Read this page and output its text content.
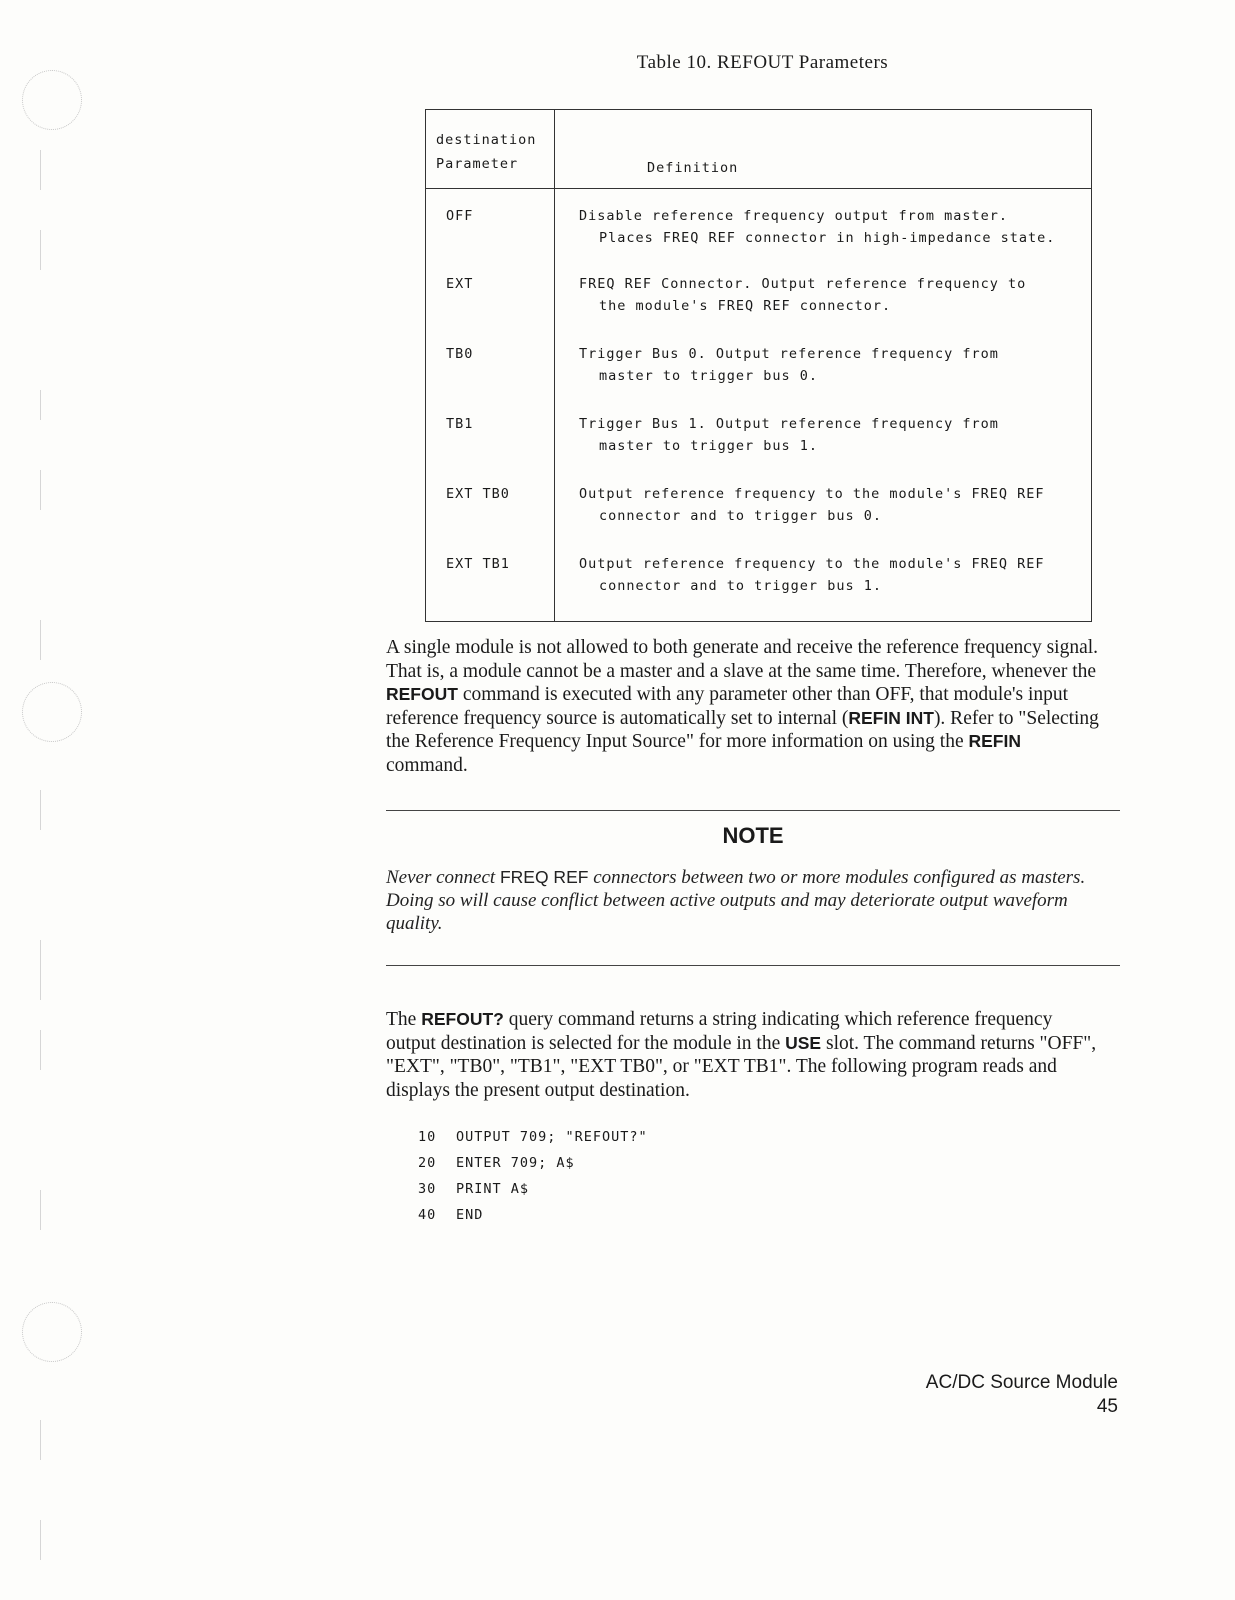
Table 10. REFOUT Parameters
destination
Parameter	Definition

OFF	Disable reference frequency output from master.
Places FREQ REF connector in high-impedance state.

EXT	FREQ REF Connector. Output reference frequency to
the module's FREQ REF connector.

TB0	Trigger Bus 0. Output reference frequency from
master to trigger bus 0.

TB1	Trigger Bus 1. Output reference frequency from
master to trigger bus 1.

EXT TB0	Output reference frequency to the module's FREQ REF
connector and to trigger bus 0.

EXT TB1	Output reference frequency to the module's FREQ REF
connector and to trigger bus 1.

A single module is not allowed to both generate and receive the reference frequency signal. That is, a module cannot be a master and a slave at the same time. Therefore, whenever the REFOUT command is executed with any parameter other than OFF, that module's input reference frequency source is automatically set to internal (REFIN INT). Refer to "Selecting the Reference Frequency Input Source" for more information on using the REFIN command.

NOTE

Never connect FREQ REF connectors between two or more modules configured as masters. Doing so will cause conflict between active outputs and may deteriorate output waveform quality.

The REFOUT? query command returns a string indicating which reference frequency output destination is selected for the module in the USE slot. The command returns "OFF", "EXT", "TB0", "TB1", "EXT TB0", or "EXT TB1". The following program reads and displays the present output destination.

10 OUTPUT 709; "REFOUT?"
20 ENTER 709; A$
30 PRINT A$
40 END
AC/DC Source Module
45
